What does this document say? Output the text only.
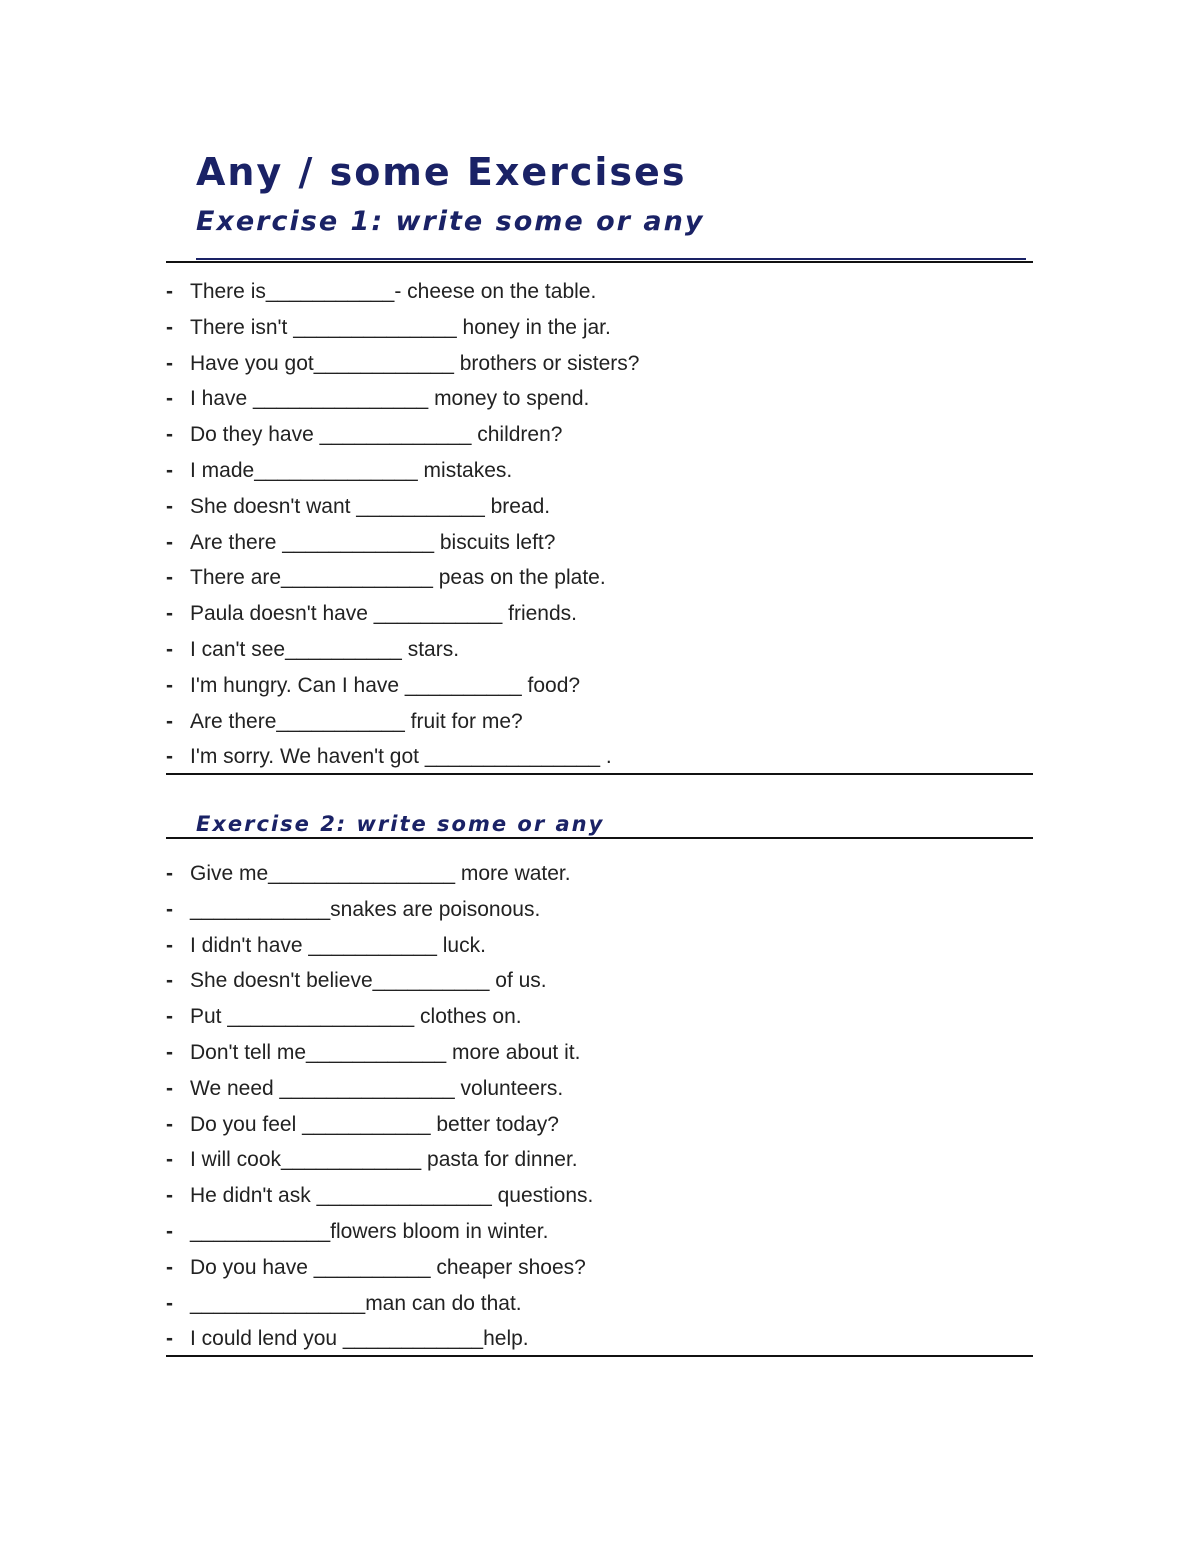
Any / some Exercises
Exercise 1: write some or any
- There is___________- cheese on the table.
- There isn't ______________ honey in the jar.
- Have you got____________ brothers or sisters?
- I have _______________ money to spend.
- Do they have _____________ children?
- I made______________ mistakes.
- She doesn't want ___________ bread.
- Are there _____________ biscuits left?
- There are_____________ peas on the plate.
- Paula doesn't have ___________ friends.
- I can't see__________ stars.
- I'm hungry. Can I have __________ food?
- Are there___________ fruit for me?
- I'm sorry. We haven't got _______________ .
Exercise 2: write some or any
- Give me________________ more water.
- ____________snakes are poisonous.
- I didn't have ___________ luck.
- She doesn't believe__________ of us.
- Put ________________ clothes on.
- Don't tell me____________ more about it.
- We need _______________ volunteers.
- Do you feel ___________ better today?
- I will cook____________ pasta for dinner.
- He didn't ask _______________ questions.
- ____________flowers bloom in winter.
- Do you have __________ cheaper shoes?
- _______________man can do that.
- I could lend you ____________help.
